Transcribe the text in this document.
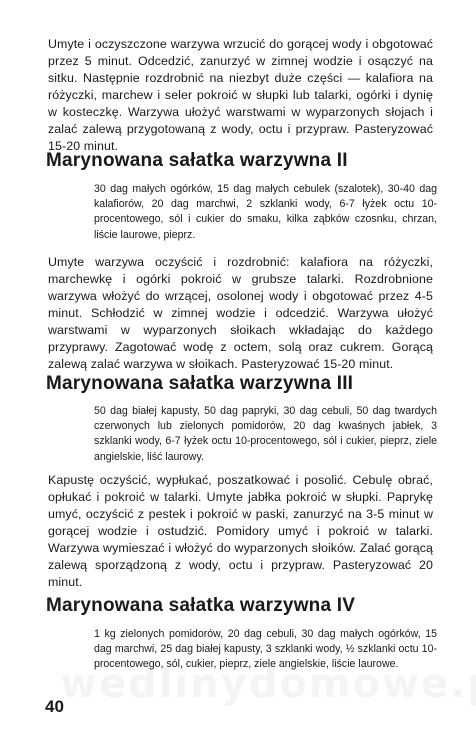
Umyte i oczyszczone warzywa wrzucić do gorącej wody i obgotować przez 5 minut. Odcedzić, zanurzyć w zimnej wodzie i osączyć na sitku. Następnie rozdrobnić na niezbyt duże części — kalafiora na różyczki, marchew i seler pokroić w słupki lub talarki, ogórki i dynię w kosteczkę. Warzywa ułożyć warstwami w wyparzonych słojach i zalać zalewą przygotowaną z wody, octu i przypraw. Pasteryzować 15-20 minut.

Marynowana sałatka warzywna II

30 dag małych ogórków, 15 dag małych cebulek (szalotek), 30-40 dag kalafiorów, 20 dag marchwi, 2 szklanki wody, 6-7 łyżek octu 10-procentowego, sól i cukier do smaku, kilka ząbków czosnku, chrzan, liście laurowe, pieprz.

Umyte warzywa oczyścić i rozdrobnić: kalafiora na różyczki, marchewkę i ogórki pokroić w grubsze talarki. Rozdrobnione warzywa włożyć do wrzącej, osolonej wody i obgotować przez 4-5 minut. Schłodzić w zimnej wodzie i odcedzić. Warzywa ułożyć warstwami w wyparzonych słoikach wkładając do każdego przyprawy. Zagotować wodę z octem, solą oraz cukrem. Gorącą zalewą zalać warzywa w słoikach. Pasteryzować 15-20 minut.

Marynowana sałatka warzywna III

50 dag białej kapusty, 50 dag papryki, 30 dag cebuli, 50 dag twardych czerwonych lub zielonych pomidorów, 20 dag kwaśnych jabłek, 3 szklanki wody, 6-7 łyżek octu 10-procentowego, sól i cukier, pieprz, ziele angielskie, liść laurowy.

Kapustę oczyścić, wypłukać, poszatkować i posolić. Cebulę obrać, opłukać i pokroić w talarki. Umyte jabłka pokroić w słupki. Paprykę umyć, oczyścić z pestek i pokroić w paski, zanurzyć na 3-5 minut w gorącej wodzie i ostudzić. Pomidory umyć i pokroić w talarki. Warzywa wymieszać i włożyć do wyparzonych słoików. Zalać gorącą zalewą sporządzoną z wody, octu i przypraw. Pasteryzować 20 minut.

Marynowana sałatka warzywna IV

1 kg zielonych pomidorów, 20 dag cebuli, 30 dag małych ogórków, 15 dag marchwi, 25 dag białej kapusty, 3 szklanki wody, ½ szklanki octu 10-procentowego, sól, cukier, pieprz, ziele angielskie, liście laurowe.

40
